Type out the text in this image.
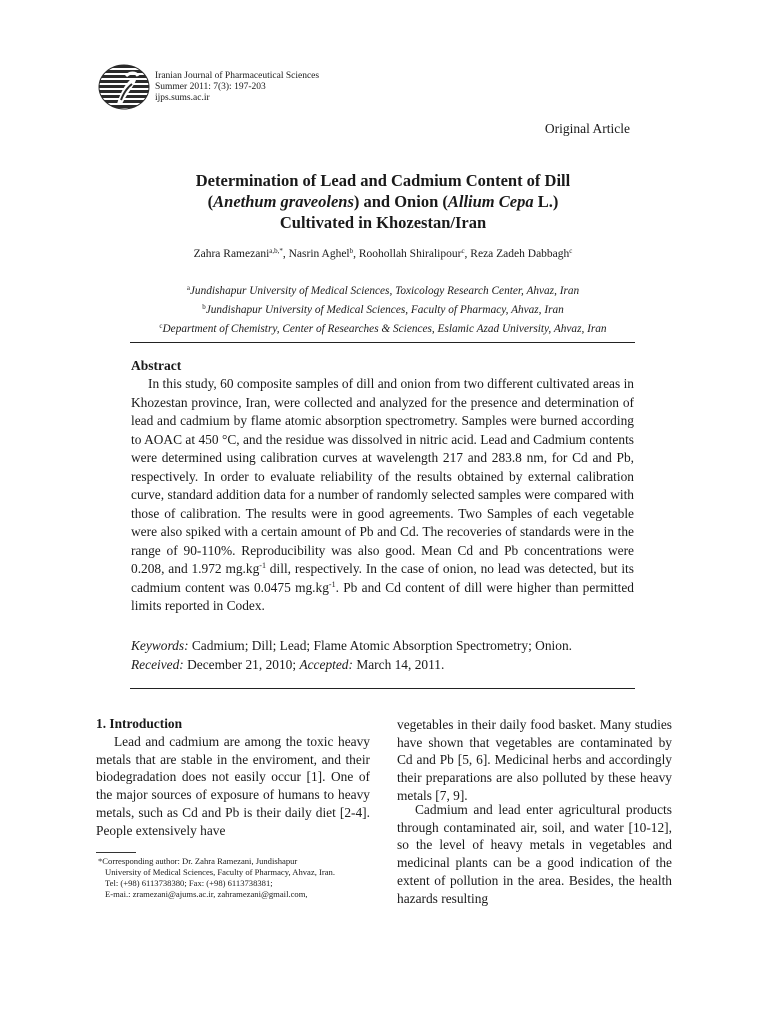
Iranian Journal of Pharmaceutical Sciences
Summer 2011: 7(3): 197-203
ijps.sums.ac.ir
Original Article
Determination of Lead and Cadmium Content of Dill
(Anethum graveolens) and Onion (Allium Cepa L.)
Cultivated in Khozestan/Iran
Zahra Ramezani$^{a,b,*}$, Nasrin Aghel$^b$, Roohollah Shiralipour$^c$, Reza Zadeh Dabbagh$^c$
$^a$Jundishapur University of Medical Sciences, Toxicology Research Center, Ahvaz, Iran
$^b$Jundishapur University of Medical Sciences, Faculty of Pharmacy, Ahvaz, Iran
$^c$Department of Chemistry, Center of Researches & Sciences, Eslamic Azad University, Ahvaz, Iran
Abstract
In this study, 60 composite samples of dill and onion from two different cultivated areas in Khozestan province, Iran, were collected and analyzed for the presence and determination of lead and cadmium by flame atomic absorption spectrometry. Samples were burned according to AOAC at 450 °C, and the residue was dissolved in nitric acid. Lead and Cadmium contents were determined using calibration curves at wavelength 217 and 283.8 nm, for Cd and Pb, respectively. In order to evaluate reliability of the results obtained by external calibration curve, standard addition data for a number of randomly selected samples were compared with those of calibration. The results were in good agreements. Two Samples of each vegetable were also spiked with a certain amount of Pb and Cd. The recoveries of standards were in the range of 90-110%. Reproducibility was also good. Mean Cd and Pb concentrations were 0.208, and 1.972 $mg.kg^{-1}$ dill, respectively. In the case of onion, no lead was detected, but its cadmium content was 0.0475 $mg.kg^{-1}$. Pb and Cd content of dill were higher than permitted limits reported in Codex.
Keywords: Cadmium; Dill; Lead; Flame Atomic Absorption Spectrometry; Onion.
Received: December 21, 2010; Accepted: March 14, 2011.
1. Introduction
Lead and cadmium are among the toxic heavy metals that are stable in the enviroment, and their biodegradation does not easily occur [1]. One of the major sources of exposure of humans to heavy metals, such as Cd and Pb is their daily diet [2-4]. People extensively have
vegetables in their daily food basket. Many studies have shown that vegetables are contaminated by Cd and Pb [5, 6]. Medicinal herbs and accordingly their preparations are also polluted by these heavy metals [7, 9].
Cadmium and lead enter agricultural products through contaminated air, soil, and water [10-12], so the level of heavy metals in vegetables and medicinal plants can be a good indication of the extent of pollution in the area. Besides, the health hazards resulting
*Corresponding author: Dr. Zahra Ramezani, Jundishapur
University of Medical Sciences, Faculty of Pharmacy, Ahvaz, Iran.
Tel: (+98) 6113738380; Fax: (+98) 6113738381;
E-mai.: zramezani@ajums.ac.ir, zahramezani@gmail.com,
